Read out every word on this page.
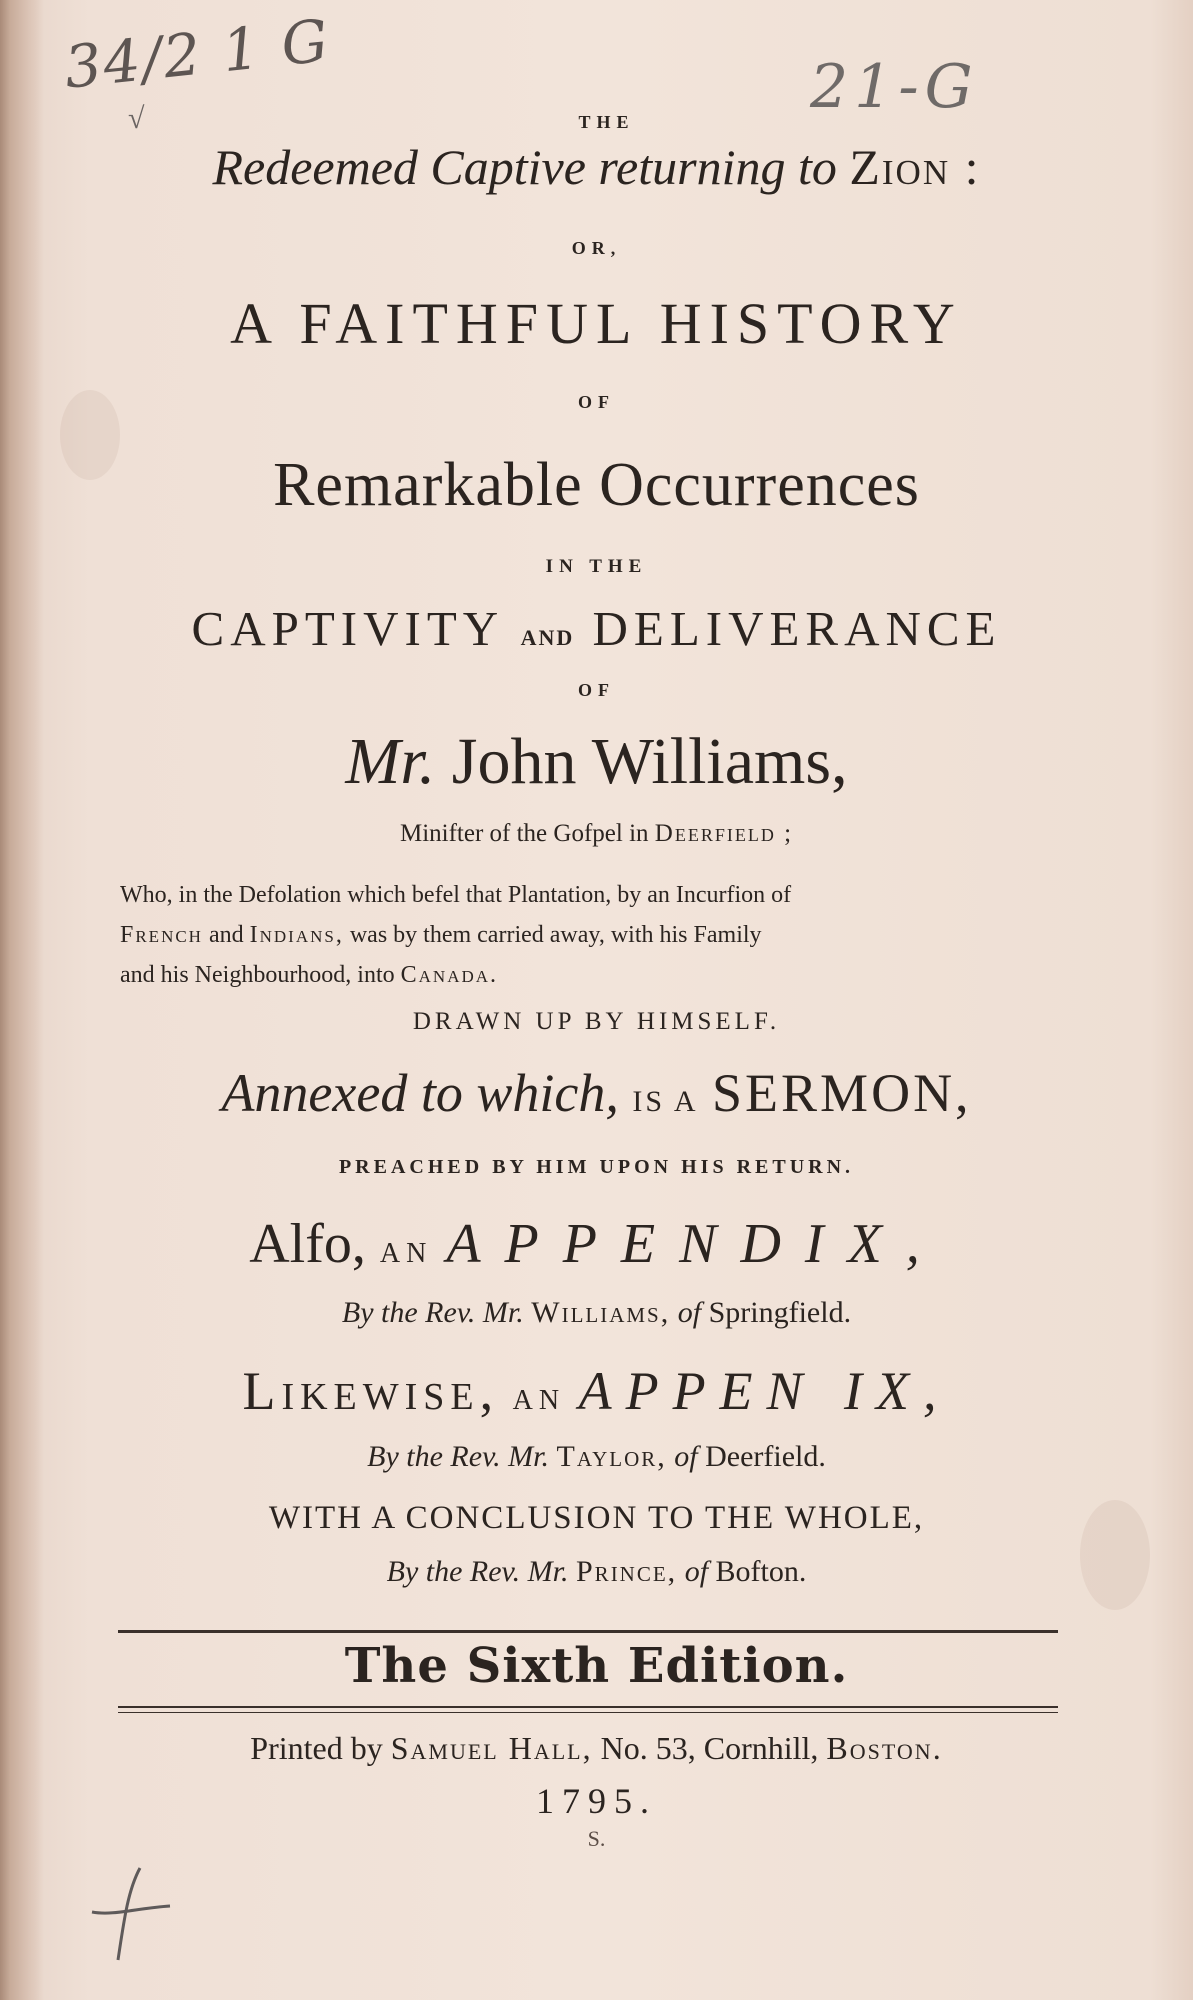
34/2 1 G	21-G
√	THE
Redeemed Captive returning to Zion :
OR,
A FAITHFUL HISTORY
OF
Remarkable Occurrences
IN THE
CAPTIVITY AND DELIVERANCE
OF
Mr. John Williams,
Minifter of the Gofpel in Deerfield ;
Who, in the Defolation which befel that Plantation, by an Incurfion of
French and Indians, was by them carried away, with his Family
and his Neighbourhood, into Canada.
DRAWN UP BY HIMSELF.
Annexed to which, IS A SERMON,
PREACHED BY HIM UPON HIS RETURN.
Alfo, AN APPENDIX,
By the Rev. Mr. Williams, of Springfield.
Likewise, AN APPEN IX,
By the Rev. Mr. Taylor, of Deerfield.
WITH A CONCLUSION TO THE WHOLE,
By the Rev. Mr. Prince, of Bofton.
The Sixth Edition.
Printed by Samuel Hall, No. 53, Cornhill, Boston.
1795.
S.
